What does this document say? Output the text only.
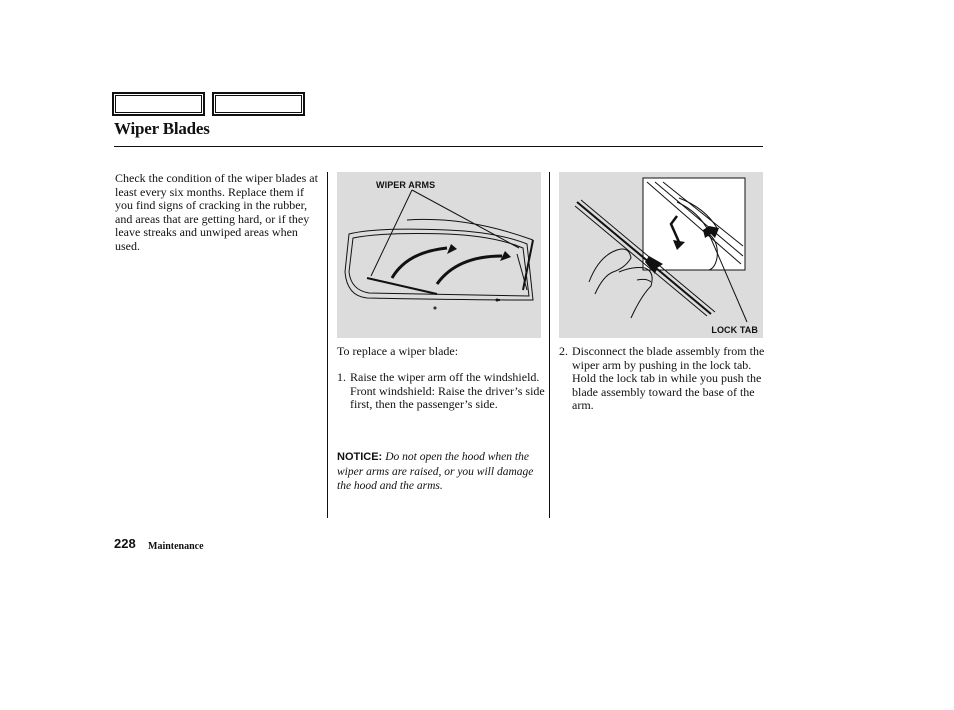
Wiper Blades

Check the condition of the wiper blades at least every six months. Replace them if you find signs of cracking in the rubber, and areas that are getting hard, or if they leave streaks and unwiped areas when used.

WIPER ARMS
LOCK TAB

To replace a wiper blade:

1. Raise the wiper arm off the windshield.
Front windshield: Raise the driver’s side first, then the passenger’s side.

NOTICE: Do not open the hood when the wiper arms are raised, or you will damage the hood and the arms.

2. Disconnect the blade assembly from the wiper arm by pushing in the lock tab. Hold the lock tab in while you push the blade assembly toward the base of the arm.
228 Maintenance
